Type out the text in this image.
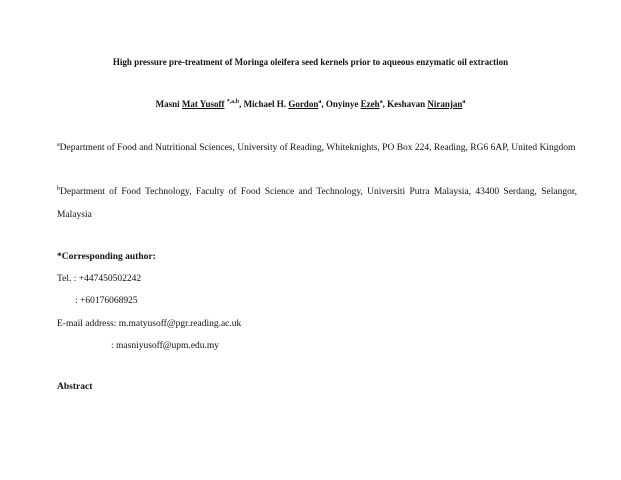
High pressure pre-treatment of Moringa oleifera seed kernels prior to aqueous enzymatic oil extraction
Masni Mat Yusoff $^{*,a,b}$, Michael H. Gordon$^a$, Onyinye Ezeh$^a$, Keshavan Niranjan$^a$
$^a$Department of Food and Nutritional Sciences, University of Reading, Whiteknights, PO Box 224, Reading, RG6 6AP, United Kingdom
$^b$Department of Food Technology, Faculty of Food Science and Technology, Universiti Putra Malaysia, 43400 Serdang, Selangor, Malaysia
*Corresponding author:
Tel. : +447450502242
: +60176068925
E-mail address: m.matyusoff@pgr.reading.ac.uk
: masniyusoff@upm.edu.my
Abstract
